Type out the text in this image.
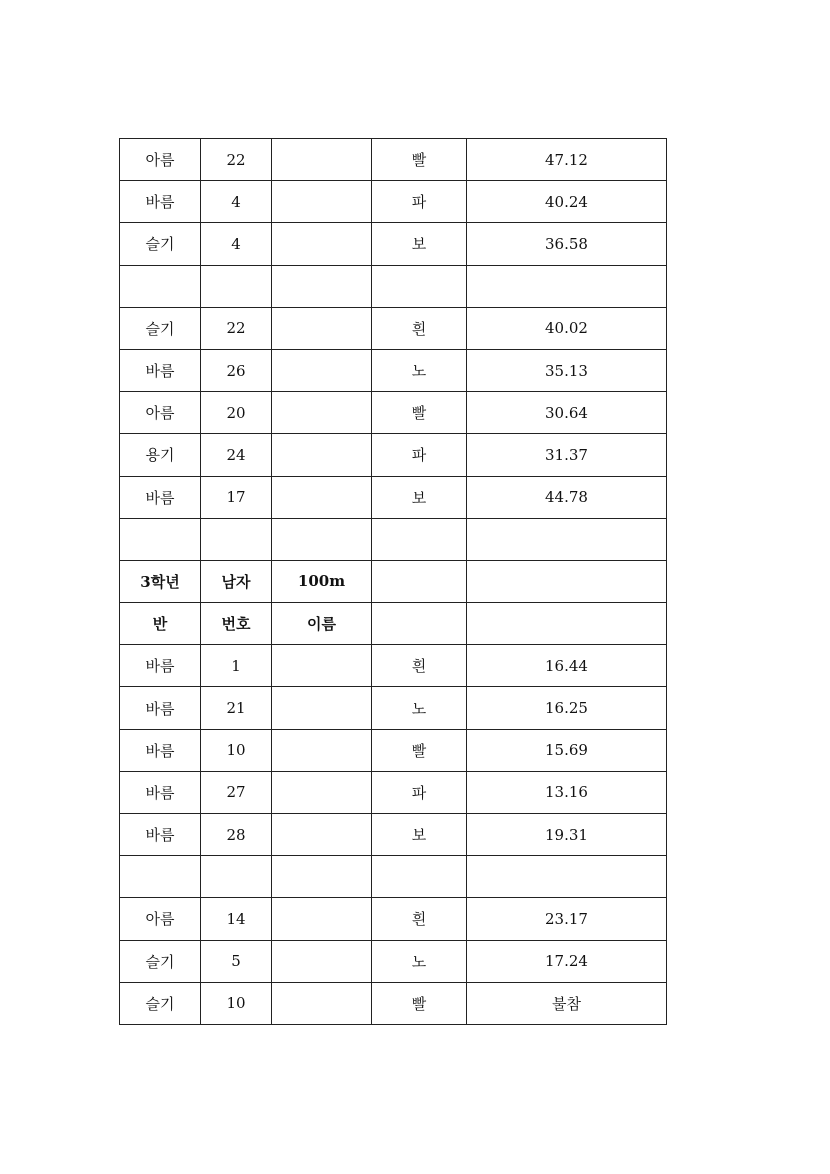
아름	22		빨	47.12
바름	4		파	40.24
슬기	4		보	36.58

슬기	22		흰	40.02
바름	26		노	35.13
아름	20		빨	30.64
용기	24		파	31.37
바름	17		보	44.78

3학년	남자	100m		
반	번호	이름		
바름	1		흰	16.44
바름	21		노	16.25
바름	10		빨	15.69
바름	27		파	13.16
바름	28		보	19.31

아름	14		흰	23.17
슬기	5		노	17.24
슬기	10		빨	불참
